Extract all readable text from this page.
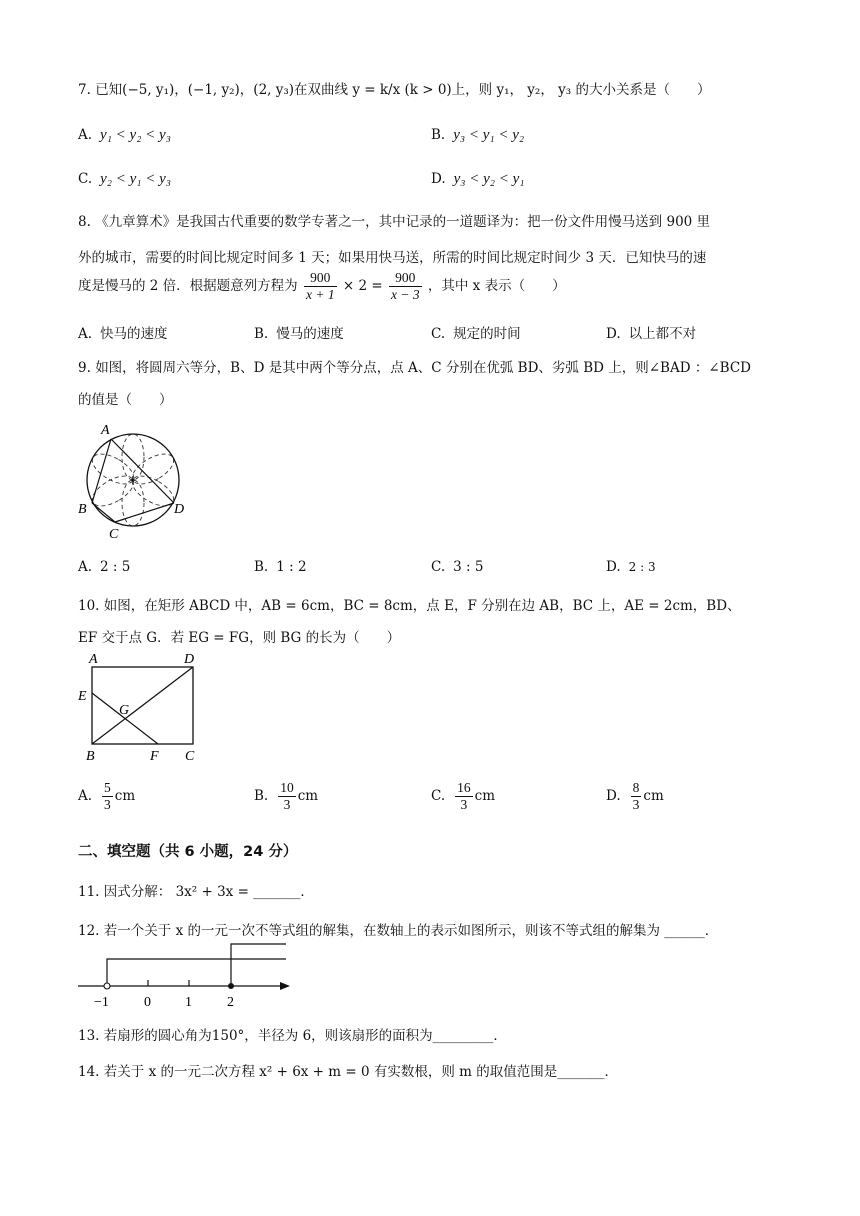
7. 已知(−5, y₁)，(−1, y₂)，(2, y₃)在双曲线 y = k/x (k > 0)上，则 y₁， y₂， y₃ 的大小关系是（　　）
A. y₁ < y₂ < y₃	B. y₃ < y₁ < y₂
C. y₂ < y₁ < y₃	D. y₃ < y₂ < y₁
8. 《九章算术》是我国古代重要的数学专著之一，其中记录的一道题译为：把一份文件用慢马送到 900 里
外的城市，需要的时间比规定时间多 1 天；如果用快马送，所需的时间比规定时间少 3 天．已知快马的速
度是慢马的 2 倍．根据题意列方程为 $\frac{900}{x + 1} \times 2 = \frac{900}{x - 3}$ ，其中 x 表示（　　）
A. 快马的速度	B. 慢马的速度	C. 规定的时间	D. 以上都不对
9. 如图，将圆周六等分，B、D 是其中两个等分点，点 A、C 分别在优弧 BD、劣弧 BD 上，则∠BAD ：∠BCD
的值是（　　）
A
B
C
D
A. 2 : 5	B. 1 : 2	C. 3 : 5	D. 2 : 3
10. 如图，在矩形 ABCD 中，AB = 6cm，BC = 8cm，点 E，F 分别在边 AB，BC 上，AE = 2cm，BD、
EF 交于点 G．若 EG = FG，则 BG 的长为（　　）
A	D
E
G
B	F C
A. $\frac{5}{3}$ cm	B. $\frac{10}{3}$ cm	C. $\frac{16}{3}$ cm	D. $\frac{8}{3}$ cm
二、填空题（共 6 小题，24 分）
11. 因式分解： 3x² + 3x = _______．
12. 若一个关于 x 的一元一次不等式组的解集，在数轴上的表示如图所示，则该不等式组的解集为 ______．
−1	0 1	2
13. 若扇形的圆心角为150°，半径为 6，则该扇形的面积为_________．
14. 若关于 x 的一元二次方程 x² + 6x + m = 0 有实数根，则 m 的取值范围是_______．
